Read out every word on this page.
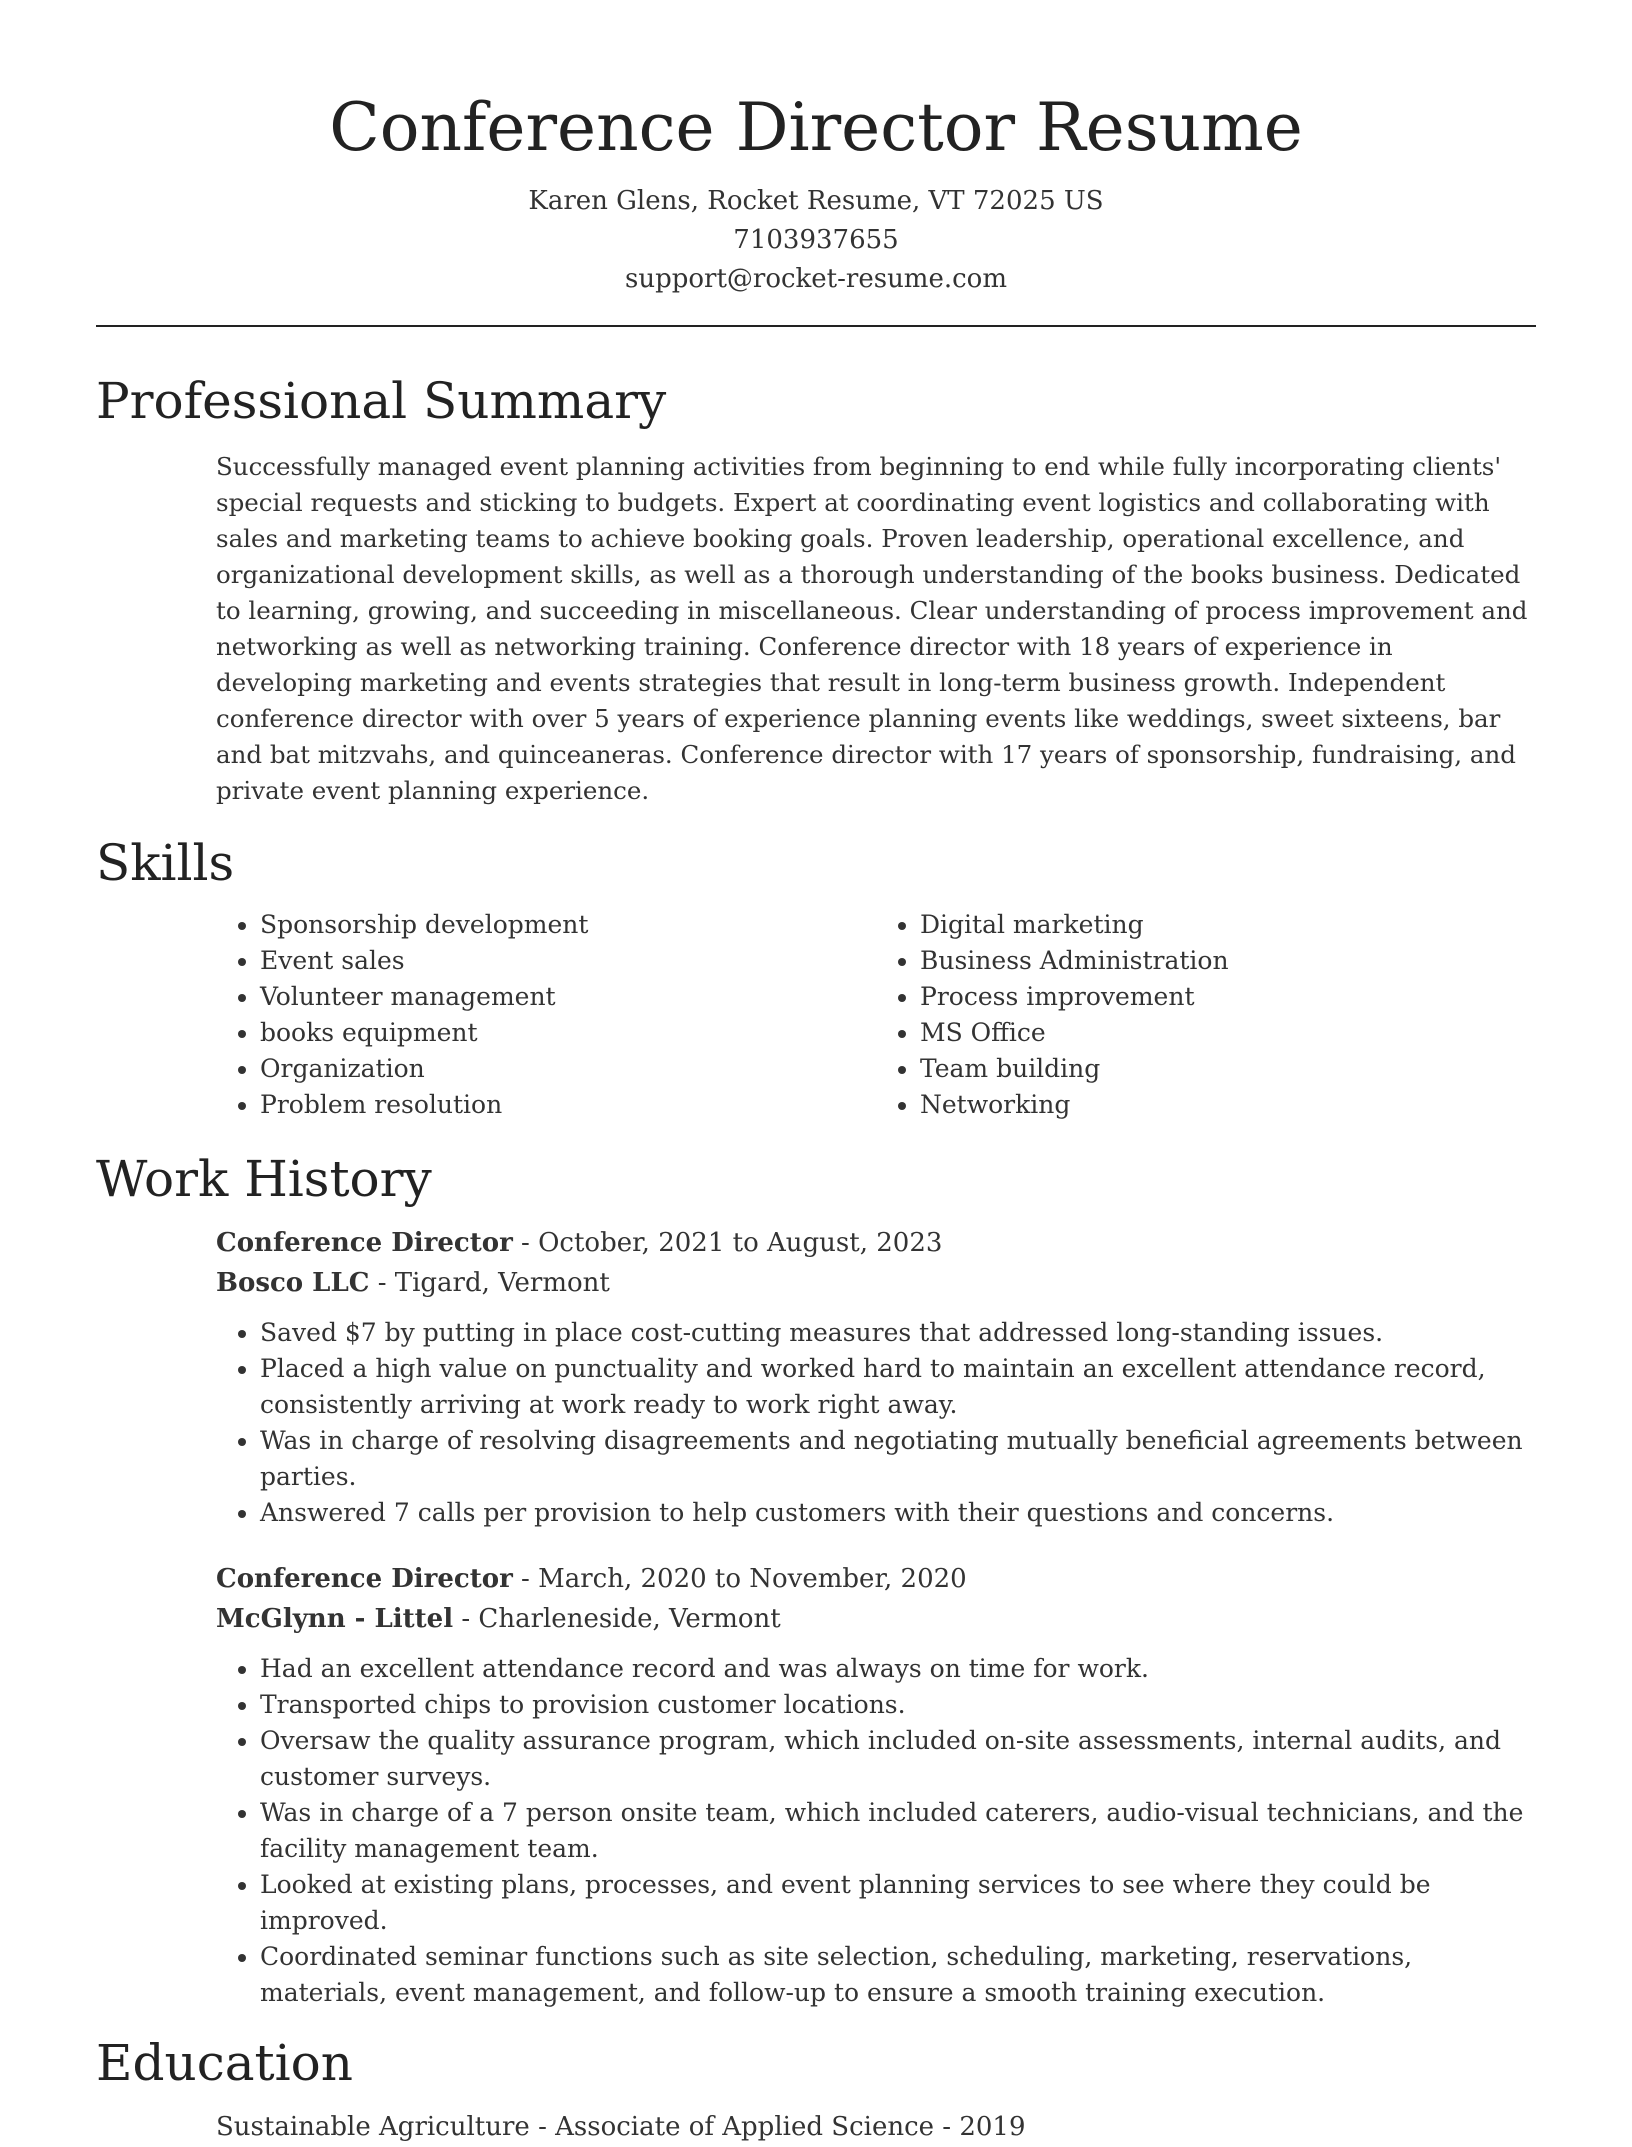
Conference Director Resume
Karen Glens, Rocket Resume, VT 72025 US
7103937655
support@rocket-resume.com
Professional Summary

Successfully managed event planning activities from beginning to end while fully incorporating clients' special requests and sticking to budgets. Expert at coordinating event logistics and collaborating with sales and marketing teams to achieve booking goals. Proven leadership, operational excellence, and organizational development skills, as well as a thorough understanding of the books business. Dedicated to learning, growing, and succeeding in miscellaneous. Clear understanding of process improvement and networking as well as networking training. Conference director with 18 years of experience in developing marketing and events strategies that result in long-term business growth. Independent conference director with over 5 years of experience planning events like weddings, sweet sixteens, bar and bat mitzvahs, and quinceaneras. Conference director with 17 years of sponsorship, fundraising, and private event planning experience.

Skills
• Sponsorship development
• Event sales
• Volunteer management
• books equipment
• Organization
• Problem resolution
• Digital marketing
• Business Administration
• Process improvement
• MS Office
• Team building
• Networking
Work History
Conference Director - October, 2021 to August, 2023
Bosco LLC - Tigard, Vermont
• Saved $7 by putting in place cost-cutting measures that addressed long-standing issues.
• Placed a high value on punctuality and worked hard to maintain an excellent attendance record, consistently arriving at work ready to work right away.
• Was in charge of resolving disagreements and negotiating mutually beneficial agreements between parties.
• Answered 7 calls per provision to help customers with their questions and concerns.
Conference Director - March, 2020 to November, 2020
McGlynn - Littel - Charleneside, Vermont
• Had an excellent attendance record and was always on time for work.
• Transported chips to provision customer locations.
• Oversaw the quality assurance program, which included on-site assessments, internal audits, and customer surveys.
• Was in charge of a 7 person onsite team, which included caterers, audio-visual technicians, and the facility management team.
• Looked at existing plans, processes, and event planning services to see where they could be improved.
• Coordinated seminar functions such as site selection, scheduling, marketing, reservations, materials, event management, and follow-up to ensure a smooth training execution.
Education
Sustainable Agriculture - Associate of Applied Science - 2019
